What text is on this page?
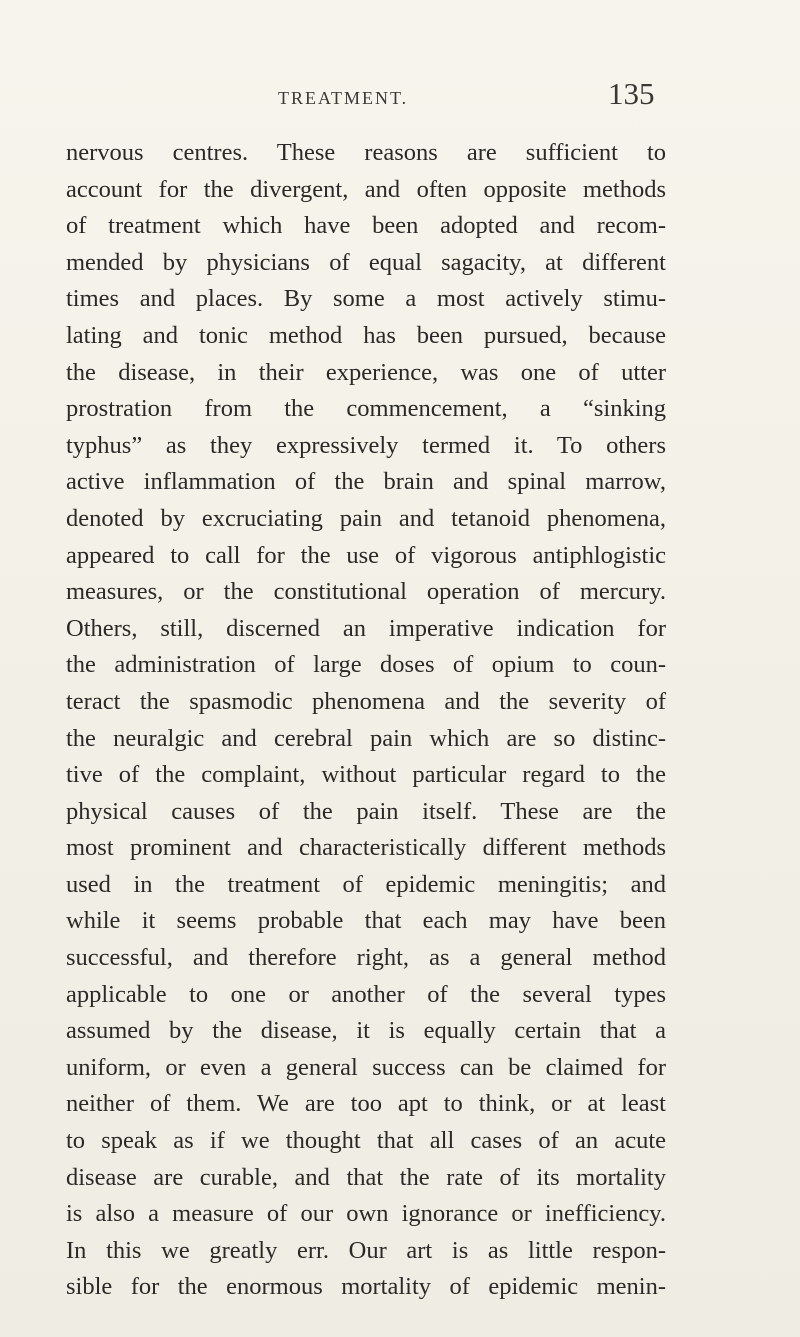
TREATMENT.	135
nervous centres. These reasons are sufficient to
account for the divergent, and often opposite methods
of treatment which have been adopted and recom-
mended by physicians of equal sagacity, at different
times and places. By some a most actively stimu-
lating and tonic method has been pursued, because
the disease, in their experience, was one of utter
prostration from the commencement, a “sinking
typhus” as they expressively termed it. To others
active inflammation of the brain and spinal marrow,
denoted by excruciating pain and tetanoid phenomena,
appeared to call for the use of vigorous antiphlogistic
measures, or the constitutional operation of mercury.
Others, still, discerned an imperative indication for
the administration of large doses of opium to coun-
teract the spasmodic phenomena and the severity of
the neuralgic and cerebral pain which are so distinc-
tive of the complaint, without particular regard to the
physical causes of the pain itself. These are the
most prominent and characteristically different methods
used in the treatment of epidemic meningitis; and
while it seems probable that each may have been
successful, and therefore right, as a general method
applicable to one or another of the several types
assumed by the disease, it is equally certain that a
uniform, or even a general success can be claimed for
neither of them. We are too apt to think, or at least
to speak as if we thought that all cases of an acute
disease are curable, and that the rate of its mortality
is also a measure of our own ignorance or inefficiency.
In this we greatly err. Our art is as little respon-
sible for the enormous mortality of epidemic menin-
